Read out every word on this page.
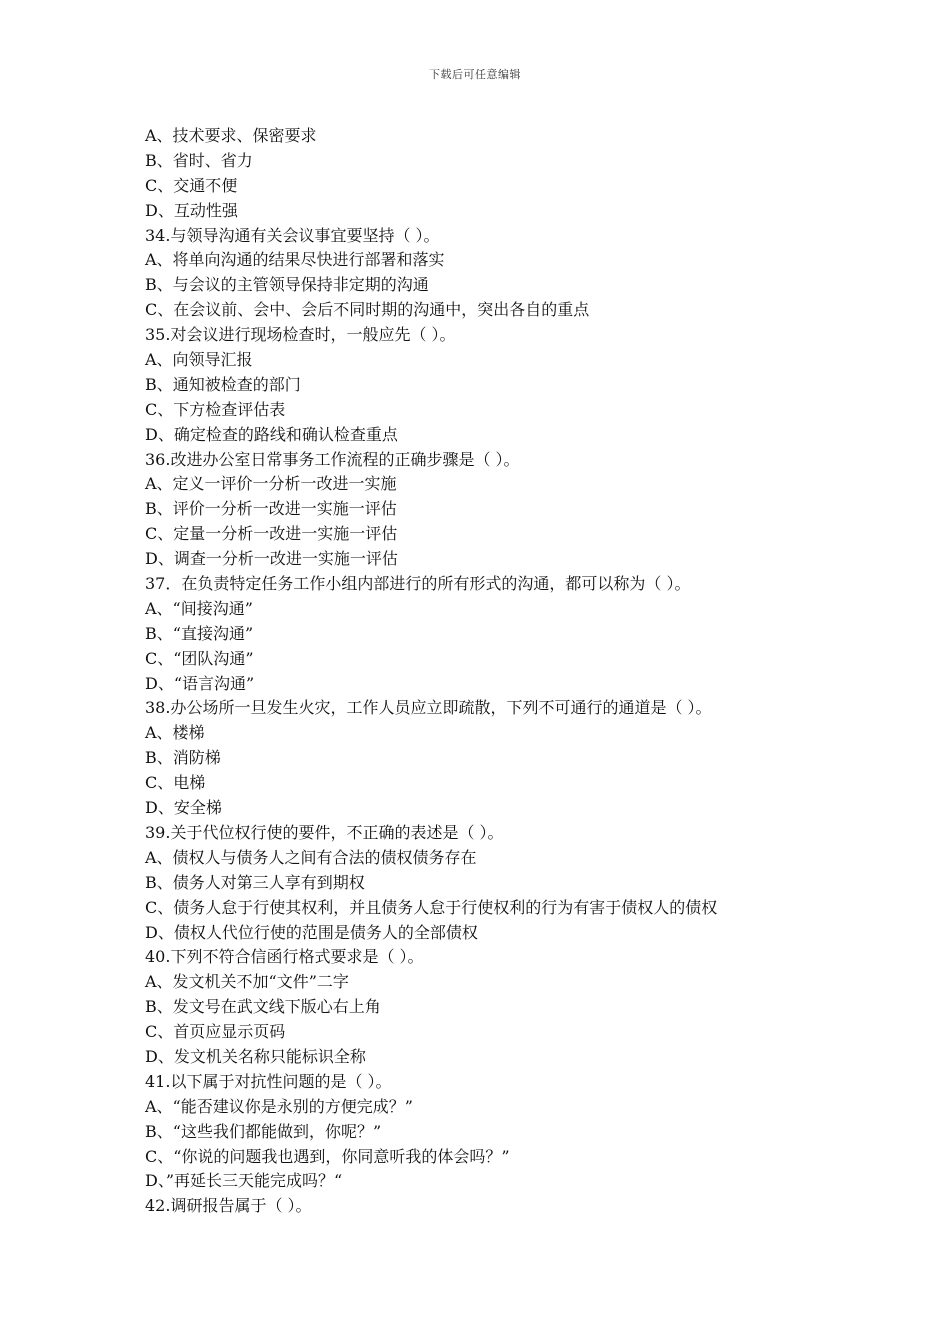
下载后可任意编辑
A、技术要求、保密要求
B、省时、省力
C、交通不便
D、互动性强
34.与领导沟通有关会议事宜要坚持（ ）。
A、将单向沟通的结果尽快进行部署和落实
B、与会议的主管领导保持非定期的沟通
C、在会议前、会中、会后不同时期的沟通中，突出各自的重点
35.对会议进行现场检查时，一般应先（ ）。
A、向领导汇报
B、通知被检查的部门
C、下方检查评估表
D、确定检查的路线和确认检查重点
36.改进办公室日常事务工作流程的正确步骤是（ ）。
A、定义一评价一分析一改进一实施
B、评价一分析一改进一实施一评估
C、定量一分析一改进一实施一评估
D、调查一分析一改进一实施一评估
37．在负责特定任务工作小组内部进行的所有形式的沟通，都可以称为（ ）。
A、“间接沟通”
B、“直接沟通”
C、“团队沟通”
D、“语言沟通”
38.办公场所一旦发生火灾，工作人员应立即疏散，下列不可通行的通道是（ ）。
A、楼梯
B、消防梯
C、电梯
D、安全梯
39.关于代位权行使的要件，不正确的表述是（ ）。
A、债权人与债务人之间有合法的债权债务存在
B、债务人对第三人享有到期权
C、债务人怠于行使其权利，并且债务人怠于行使权利的行为有害于债权人的债权
D、债权人代位行使的范围是债务人的全部债权
40.下列不符合信函行格式要求是（ ）。
A、发文机关不加“文件”二字
B、发文号在武文线下版心右上角
C、首页应显示页码
D、发文机关名称只能标识全称
41.以下属于对抗性问题的是（ ）。
A、“能否建议你是永别的方便完成？”
B、“这些我们都能做到，你呢？”
C、“你说的问题我也遇到，你同意听我的体会吗？”
D、”再延长三天能完成吗？“
42.调研报告属于（ ）。
